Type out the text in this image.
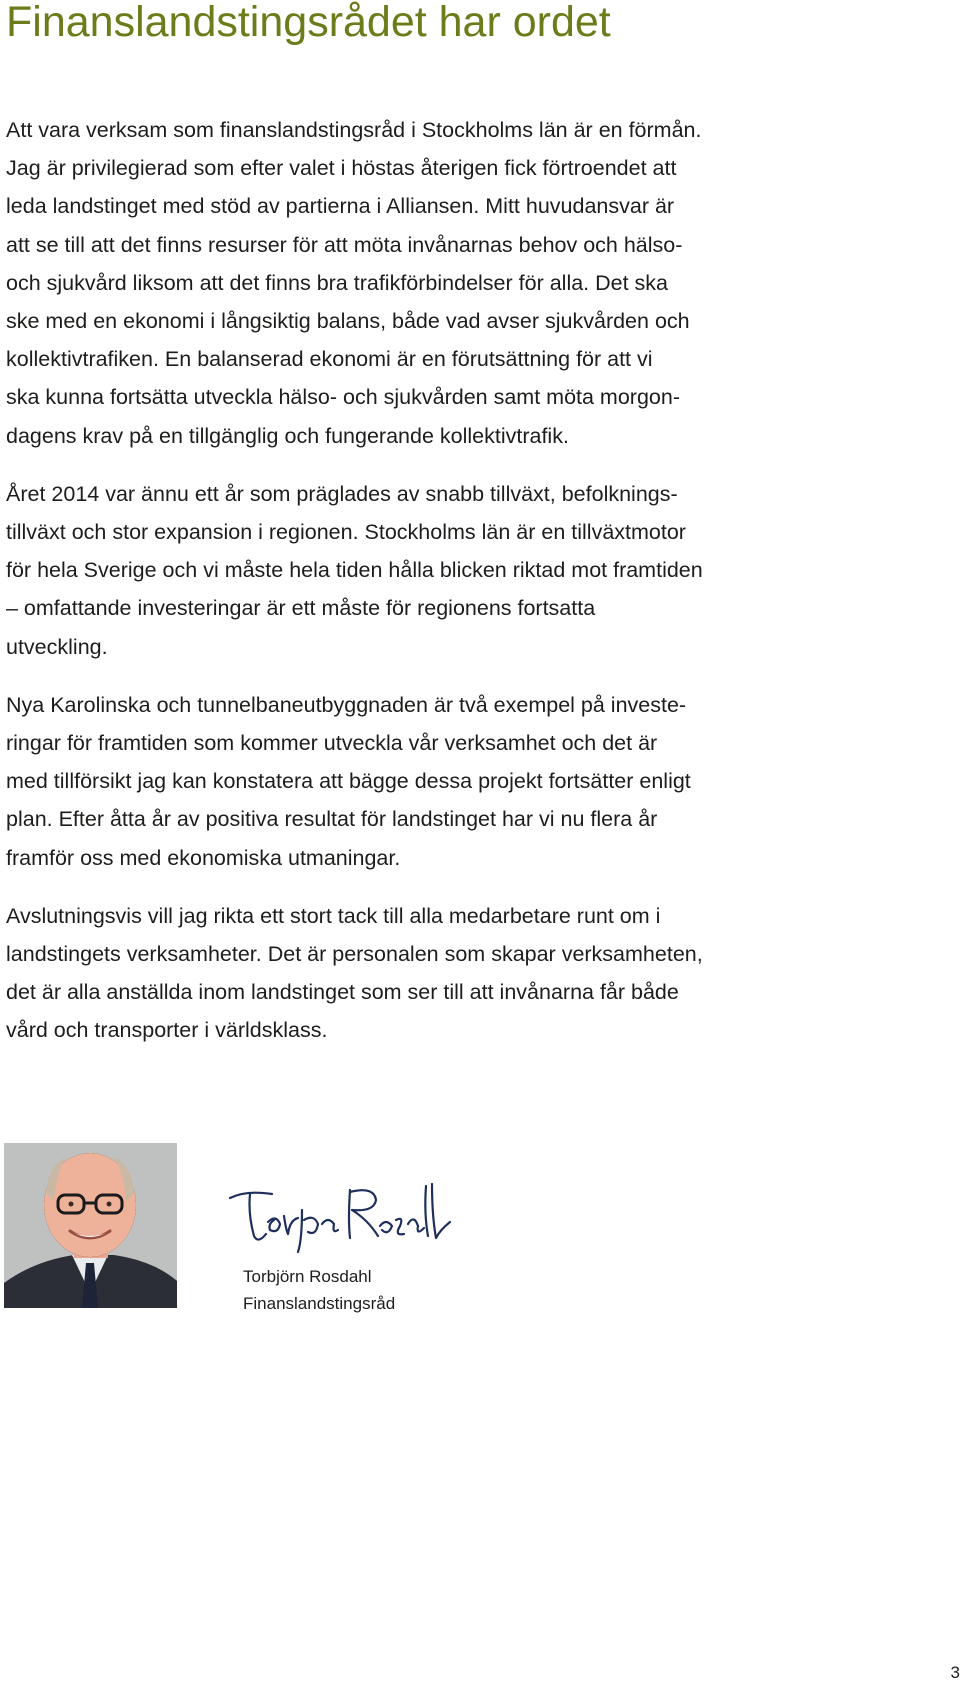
Finanslandstingsrådet har ordet

Att vara verksam som finanslandstingsråd i Stockholms län är en förmån.
Jag är privilegierad som efter valet i höstas återigen fick förtroendet att
leda landstinget med stöd av partierna i Alliansen. Mitt huvudansvar är
att se till att det finns resurser för att möta invånarnas behov och hälso-
och sjukvård liksom att det finns bra trafikförbindelser för alla. Det ska
ske med en ekonomi i långsiktig balans, både vad avser sjukvården och
kollektivtrafiken. En balanserad ekonomi är en förutsättning för att vi
ska kunna fortsätta utveckla hälso- och sjukvården samt möta morgon-
dagens krav på en tillgänglig och fungerande kollektivtrafik.

Året 2014 var ännu ett år som präglades av snabb tillväxt, befolknings-
tillväxt och stor expansion i regionen. Stockholms län är en tillväxtmotor
för hela Sverige och vi måste hela tiden hålla blicken riktad mot framtiden
– omfattande investeringar är ett måste för regionens fortsatta
utveckling.

Nya Karolinska och tunnelbaneutbyggnaden är två exempel på investe-
ringar för framtiden som kommer utveckla vår verksamhet och det är
med tillförsikt jag kan konstatera att bägge dessa projekt fortsätter enligt
plan. Efter åtta år av positiva resultat för landstinget har vi nu flera år
framför oss med ekonomiska utmaningar.

Avslutningsvis vill jag rikta ett stort tack till alla medarbetare runt om i
landstingets verksamheter. Det är personalen som skapar verksamheten,
det är alla anställda inom landstinget som ser till att invånarna får både
vård och transporter i världsklass.

Torbjörn Rosdahl
Finanslandstingsråd
3
